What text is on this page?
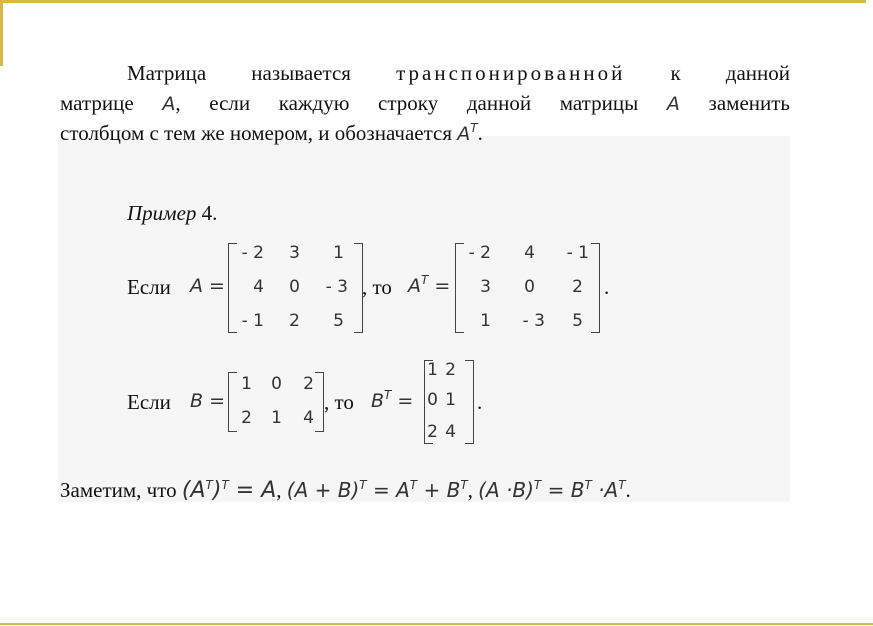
Матрица называется транспонированной к данной
матрице A, если каждую строку данной матрицы A заменить
столбцом с тем же номером, и обозначается $A^T$.
Пример 4.
Если A =
- 2	3	1
4	0	- 3
- 1	2	5
, то $A^T$ =
- 2	4	- 1
3	0	2
1	- 3	5
.
Если B =
1	0	2
2	1	4
, то $B^T$ =
1 2
0 1
2 4
.
Заметим, что $(A^T)^T = A$, $(A + B)^T = A^T + B^T$, $(A \cdot B)^T = B^T \cdot A^T$.
